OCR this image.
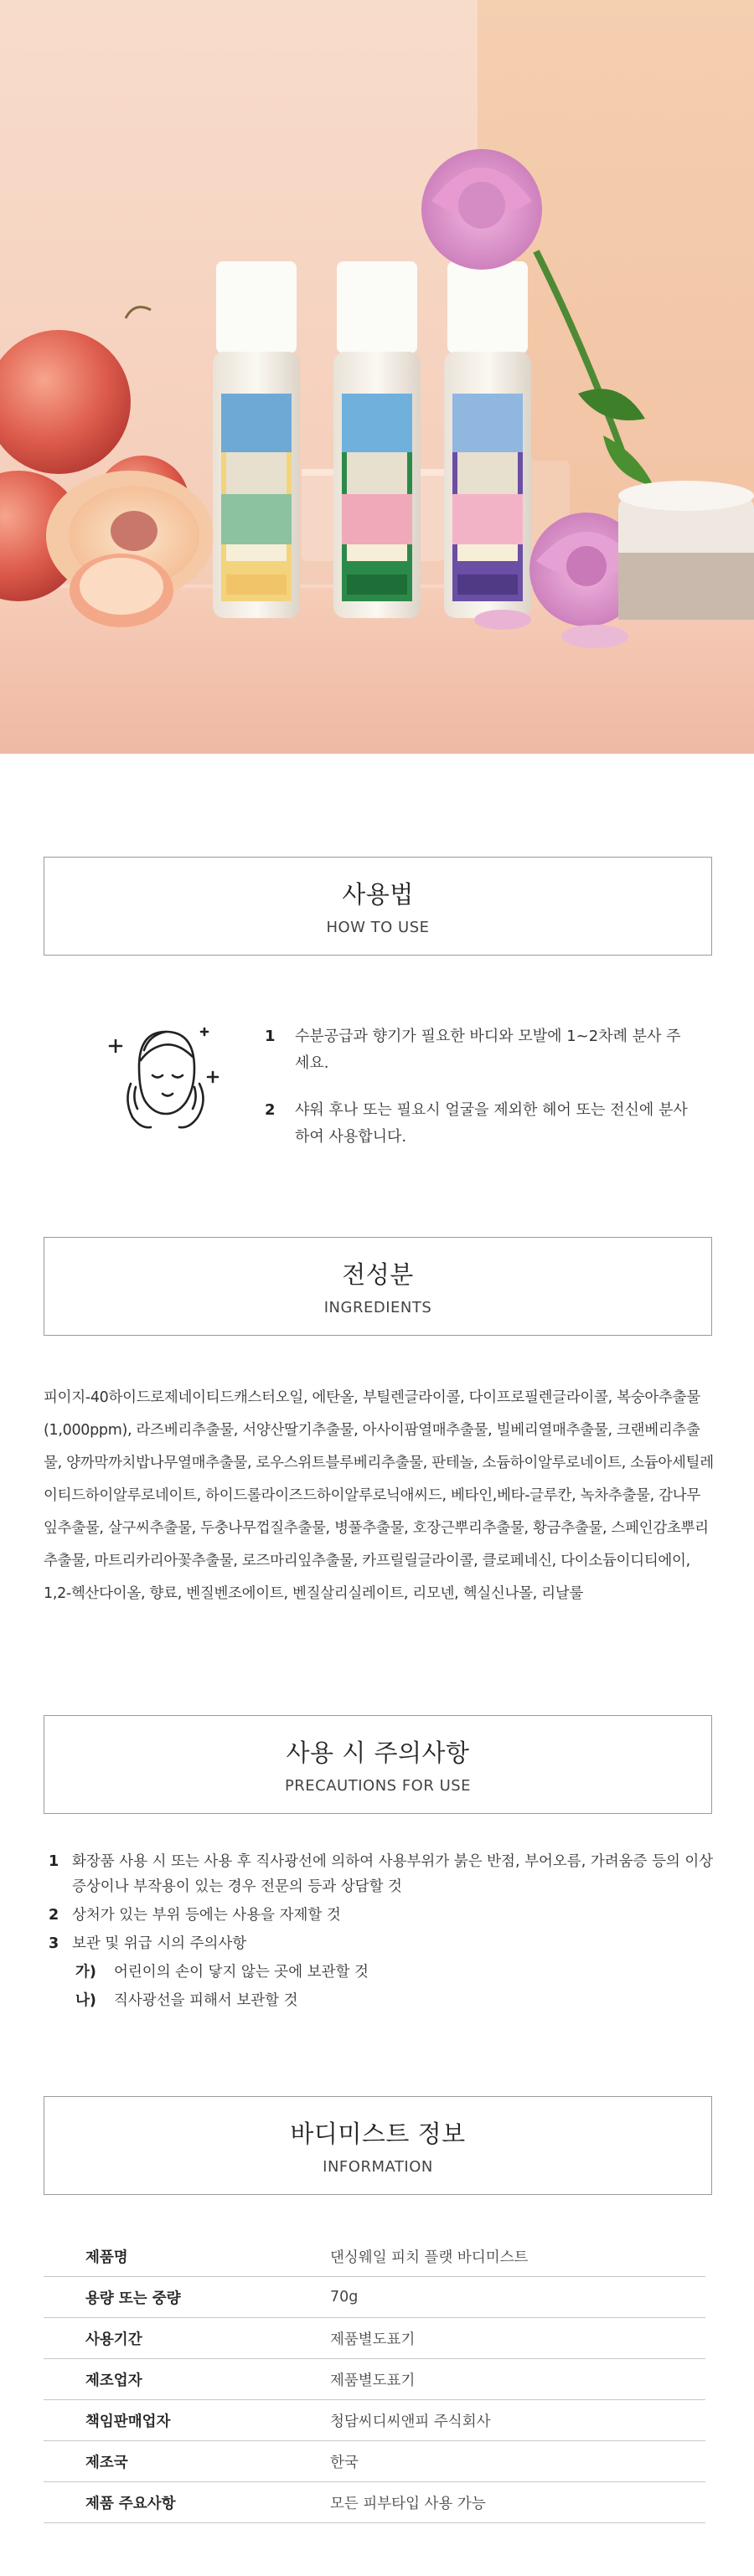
사용법
HOW TO USE
1	수분공급과 향기가 필요한 바디와 모발에 1~2차례 분사 주세요.
2	샤워 후나 또는 필요시 얼굴을 제외한 헤어 또는 전신에 분사하여 사용합니다.
전성분
INGREDIENTS
피이지-40하이드로제네이티드캐스터오일, 에탄올, 부틸렌글라이콜, 다이프로필렌글라이콜, 복숭아추출물(1,000ppm), 라즈베리추출물, 서양산딸기추출물, 아사이팜열매추출물, 빌베리열매추출물, 크랜베리추출물, 양까막까치밥나무열매추출물, 로우스위트블루베리추출물, 판테놀, 소듐하이알루로네이트, 소듐아세틸레이티드하이알루로네이트, 하이드롤라이즈드하이알루로닉애씨드, 베타인,베타-글루칸, 녹차추출물, 감나무잎추출물, 살구씨추출물, 두충나무껍질추출물, 병풀추출물, 호장근뿌리추출물, 황금추출물, 스페인감초뿌리추출물, 마트리카리아꽃추출물, 로즈마리잎추출물, 카프릴릴글라이콜, 클로페네신, 다이소듐이디티에이, 1,2-헥산다이올, 향료, 벤질벤조에이트, 벤질살리실레이트, 리모넨, 헥실신나몰, 리날룰
사용 시 주의사항
PRECAUTIONS FOR USE
1 화장품 사용 시 또는 사용 후 직사광선에 의하여 사용부위가 붉은 반점, 부어오름, 가려움증 등의 이상 증상이나 부작용이 있는 경우 전문의 등과 상담할 것
2 상처가 있는 부위 등에는 사용을 자제할 것
3 보관 및 위급 시의 주의사항
가)	어린이의 손이 닿지 않는 곳에 보관할 것
나)	직사광선을 피해서 보관할 것
바디미스트 정보
INFORMATION
제품명	댄싱웨일 피치 플랫 바디미스트
용량 또는 중량	70g
사용기간	제품별도표기
제조업자	제품별도표기
책임판매업자	청담씨디씨앤피 주식회사
제조국	한국
제품 주요사항	모든 피부타입 사용 가능
